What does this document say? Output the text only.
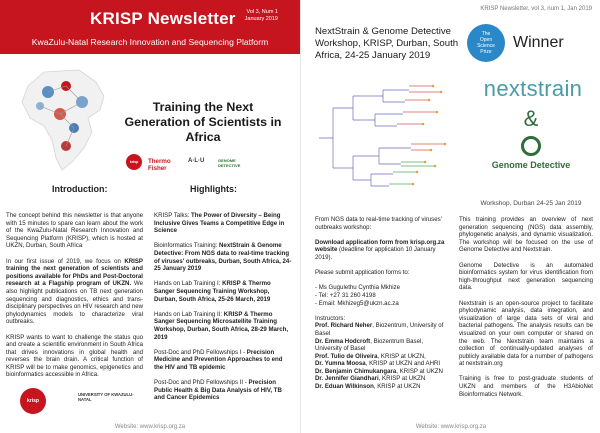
KRISP Newsletter	Vol 3, Num 1
January 2019
KwaZulu-Natal Research Innovation and Sequencing Platform
Training the Next Generation of Scientists in Africa
krisp	Thermo Fisher
A·L·U	GENOME DETECTIVE
Introduction:	Highlights:

The concept behind this newsletter is that anyone with 15 minutes to spare can learn about the work of the KwaZulu-Natal Research Innovation and Sequencing Platform (KRISP), which is hosted at UKZN, Durban, South Africa

In our first issue of 2019, we focus on KRISP training the next generation of scientists and positions available for PhDs and Post-Doctoral research at a Flagship program of UKZN. We also highlight publications on TB next generation sequencing and diagnostics, ethics and trans-disciplinary perspectives on HIV research and new phylodynamics models to characterize viral outbreaks.

KRISP wants to want to challenge the status quo and create a scientific environment in South Africa that drives innovations in global health and reverses the brain drain. A critical function of KRISP will be to make genomics, epigenetics and bioinformatics accessible in Africa.

KRISP Talks: The Power of Diversity – Being Inclusive Gives Teams a Competitive Edge in Science

Bioinformatics Training: NextStrain & Genome Detective: From NGS data to real-time tracking of viruses' outbreaks, Durban, South Africa, 24-25 January 2019

Hands on Lab Training I: KRISP & Thermo Sanger Sequencing Training Workshop, Durban, South Africa, 25-26 March, 2019

Hands on Lab Training II: KRISP & Thermo Sanger Sequencing Microsatellite Training Workshop, Durban, South Africa, 28-29 March, 2019

Post-Doc and PhD Fellowships I - Precision Medicine and Prevention Approaches to end the HIV and TB epidemic

Post-Doc and PhD Fellowships II - Precision Public Health & Big Data Analysis of HIV, TB and Cancer Epidemics

krisp
UNIVERSITY OF KWAZULU-NATAL
Website: www.krisp.org.za
KRISP Newsletter, vol 3, num 1, Jan 2019
NextStrain & Genome Detective Workshop, KRISP, Durban, South Africa, 24-25 January 2019
The
Open
Science
Prize
Winner
nextstrain
&
Genome Detective
Workshop, Durban 24-25 Jan 2019

From NGS data to real-time tracking of viruses' outbreaks workshop:

Download application form from krisp.org.za website (deadline for application 10 January 2019).

Please submit application forms to:

- Ms Gugulethu Cynthia Mkhize
- Tel: +27 31 260 4198
- Email: Mkhizeg5@ukzn.ac.za
Instructors:
Prof. Richard Neher, Biozentrum, University of Basel
Dr. Emma Hodcroft, Biozentrum Basel, University of Basel
Prof. Tulio de Oliveira, KRISP at UKZN,
Dr. Yumna Moosa, KRISP at UKZN and AHRI
Dr. Benjamin Chimukangara, KRISP at UKZN
Dr. Jennifer Giandhari, KRISP at UKZN
Dr. Eduan Wilkinson, KRISP at UKZN

This training provides an overview of next generation sequencing (NGS) data assembly, phylogenetic analysis, and dynamic visualization. The workshop will be focused on the use of Genome Detective and Nextstrain.

Genome Detective is an automated bioinformatics system for virus identification from high-throughput next generation sequencing data.

Nextstrain is an open-source project to facilitate phylodynamic analysis, data integration, and visualization of large data sets of viral and bacterial pathogens. The analysis results can be visualized on your own computer or shared on the web. The Nextstrain team maintains a collection of continually-updated analyses of publicly available data for a number of pathogens at nextstrain.org

Training is free to post-graduate students of UKZN and members of the H3AbioNet Bioinformatics Network.

Website: www.krisp.org.za
